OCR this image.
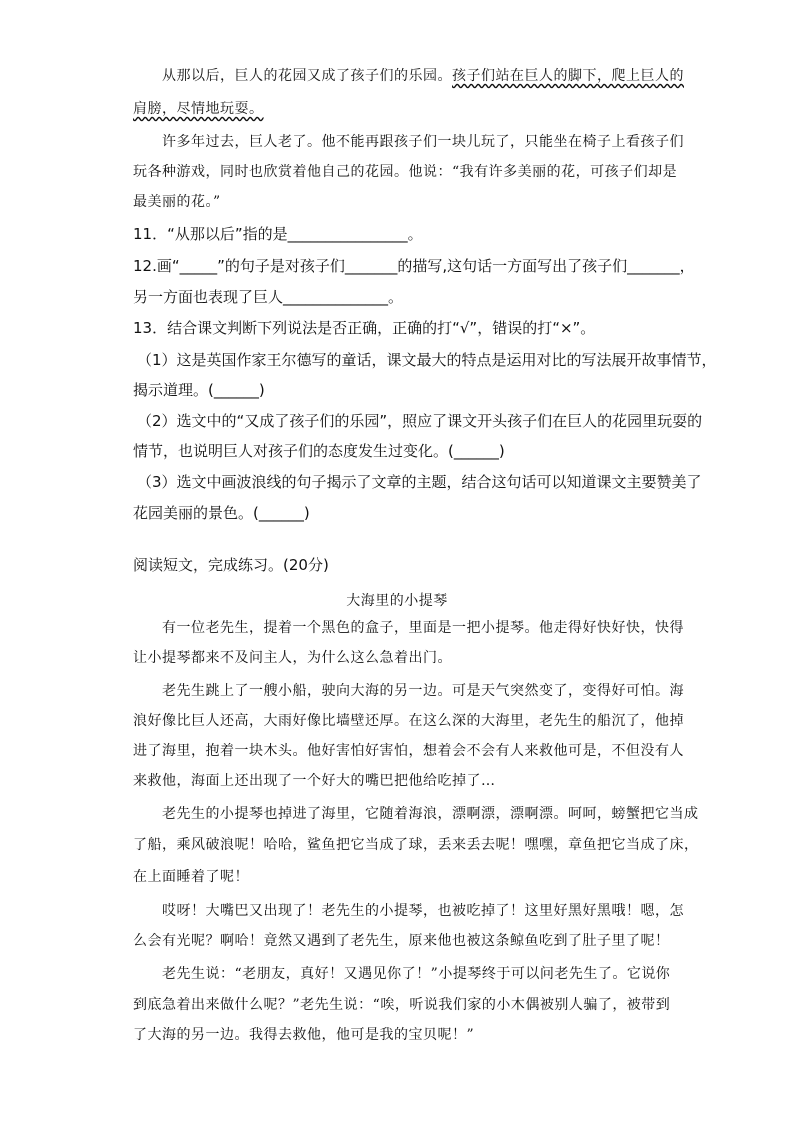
从那以后，巨人的花园又成了孩子们的乐园。孩子们站在巨人的脚下，爬上巨人的
肩膀，尽情地玩耍。
许多年过去，巨人老了。他不能再跟孩子们一块儿玩了，只能坐在椅子上看孩子们
玩各种游戏，同时也欣赏着他自己的花园。他说：“我有许多美丽的花，可孩子们却是
最美丽的花。”
11．“从那以后”指的是________________。
12.画“_____”的句子是对孩子们_______的描写,这句话一方面写出了孩子们_______，
另一方面也表现了巨人______________。
13．结合课文判断下列说法是否正确，正确的打“√”，错误的打“×”。
（1）这是英国作家王尔德写的童话，课文最大的特点是运用对比的写法展开故事情节，
揭示道理。(______)
（2）选文中的“又成了孩子们的乐园”，照应了课文开头孩子们在巨人的花园里玩耍的
情节，也说明巨人对孩子们的态度发生过变化。(______)
（3）选文中画波浪线的句子揭示了文章的主题，结合这句话可以知道课文主要赞美了
花园美丽的景色。(______)
阅读短文，完成练习。(20分)
大海里的小提琴
有一位老先生，提着一个黑色的盒子，里面是一把小提琴。他走得好快好快，快得
让小提琴都来不及问主人，为什么这么急着出门。
老先生跳上了一艘小船，驶向大海的另一边。可是天气突然变了，变得好可怕。海
浪好像比巨人还高，大雨好像比墙壁还厚。在这么深的大海里，老先生的船沉了，他掉
进了海里，抱着一块木头。他好害怕好害怕，想着会不会有人来救他可是，不但没有人
来救他，海面上还出现了一个好大的嘴巴把他给吃掉了…
老先生的小提琴也掉进了海里，它随着海浪，漂啊漂，漂啊漂。呵呵，螃蟹把它当成
了船，乘风破浪呢！哈哈，鲨鱼把它当成了球，丢来丢去呢！嘿嘿，章鱼把它当成了床，
在上面睡着了呢！
哎呀！大嘴巴又出现了！老先生的小提琴，也被吃掉了！这里好黑好黑哦！嗯，怎
么会有光呢？啊哈！竟然又遇到了老先生，原来他也被这条鲸鱼吃到了肚子里了呢！
老先生说：“老朋友，真好！又遇见你了！”小提琴终于可以问老先生了。它说你
到底急着出来做什么呢？”老先生说：“唉，听说我们家的小木偶被别人骗了，被带到
了大海的另一边。我得去救他，他可是我的宝贝呢！”
